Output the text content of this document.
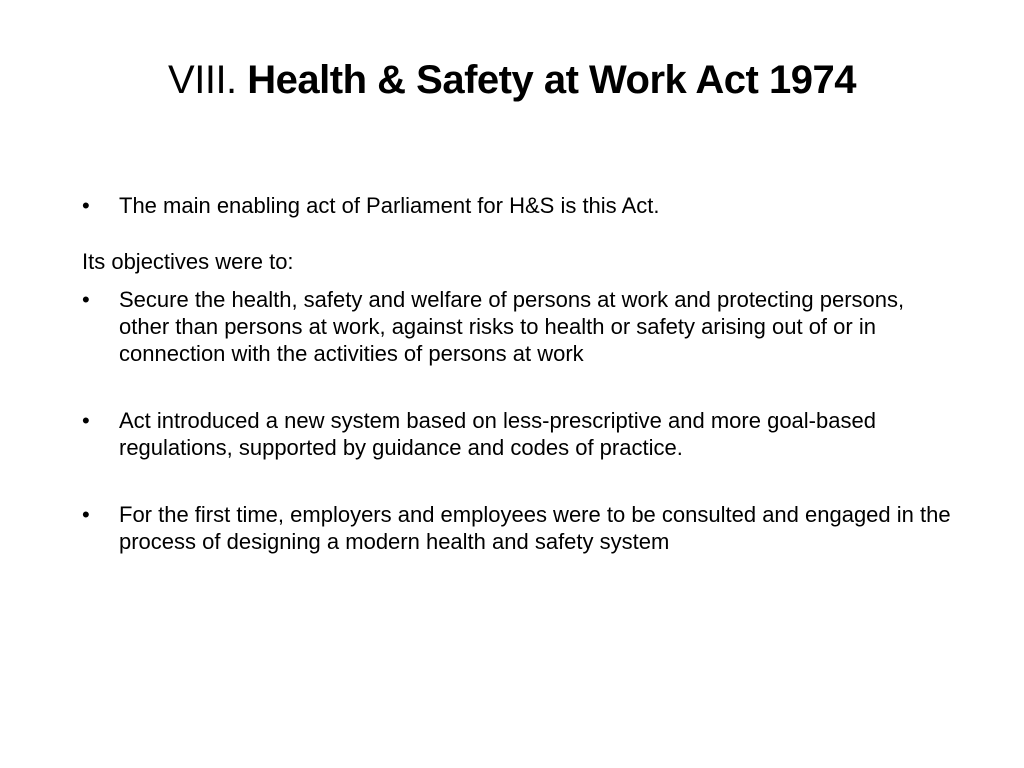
VIII. Health & Safety at Work Act 1974
•	The main enabling act of Parliament for H&S is this Act.
Its objectives were to:
•	Secure the health, safety and welfare of persons at work and protecting persons, other than persons at work, against risks to health or safety arising out of or in connection with the activities of persons at work
•	Act introduced a new system based on less-prescriptive and more goal-based regulations, supported by guidance and codes of practice.
•	For the first time, employers and employees were to be consulted and engaged in the process of designing a modern health and safety system
